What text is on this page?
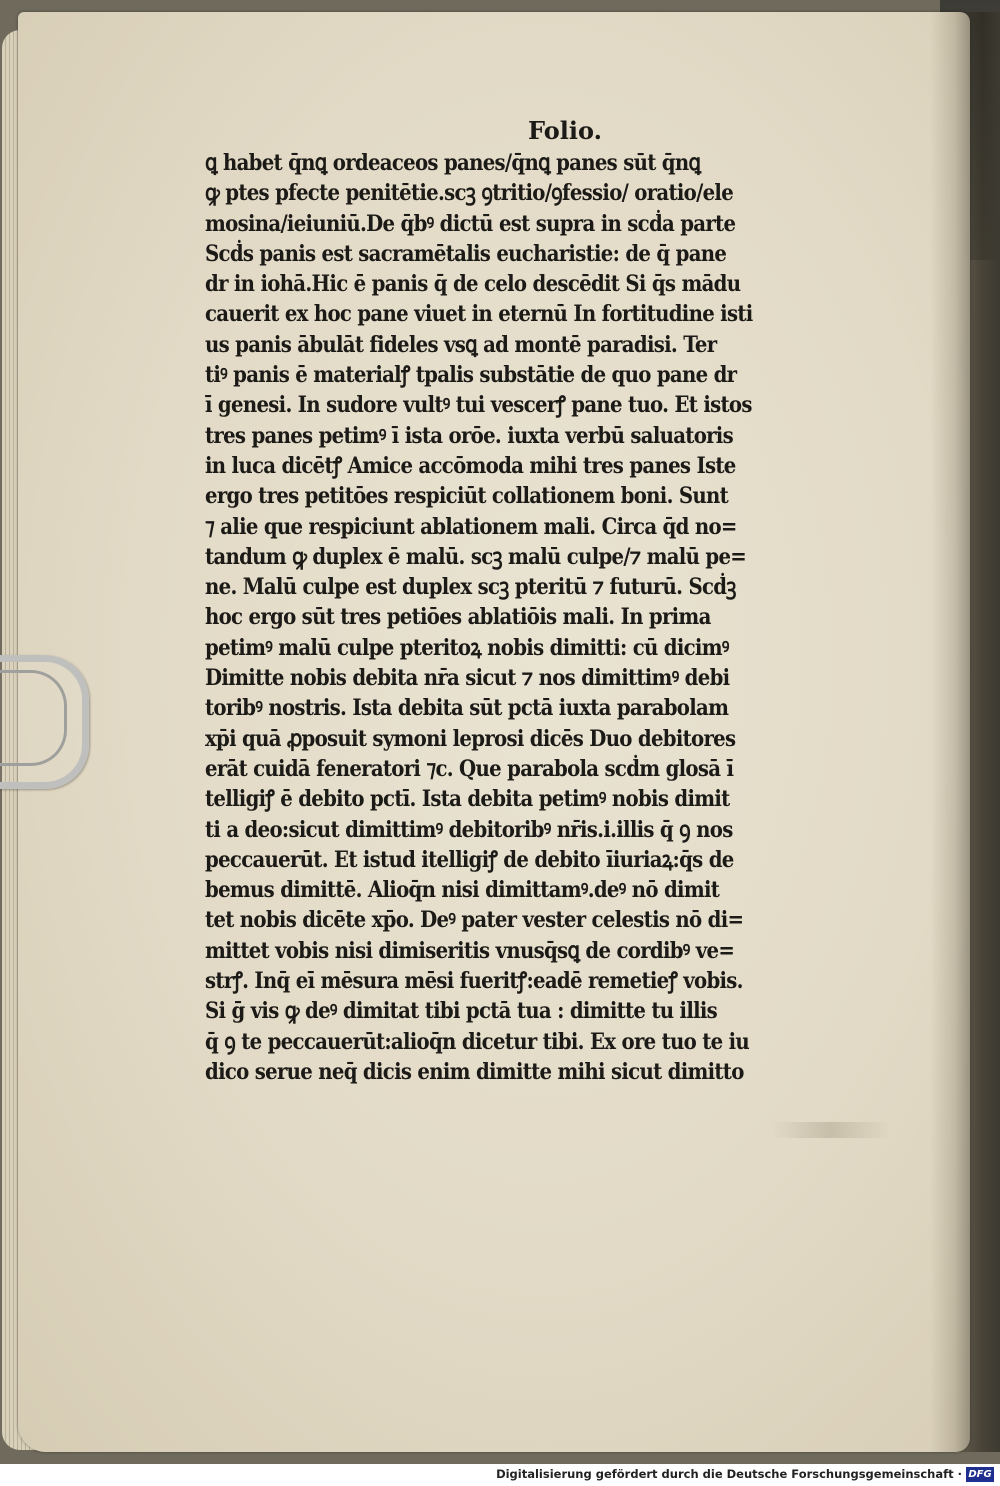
Folio.
ꝗ habet q̄nꝗ ordeaceos panes/q̄nꝗ panes sūt q̄nꝗ
ꝙ ptes pfecte penitētie.scꝫ ꝯtritio/ꝯfessio/ oratio/ele
mosina/ieiuniū.De q̄bꝰ dictū est supra in scḋa parte
Scḋs panis est sacramētalis eucharistie: de q̄ pane
dr in iohā.Hic ē panis q̄ de celo descēdit Si q̄s mādu
cauerit ex hoc pane viuet in eternū In fortitudine isti
us panis ābulāt fideles vsꝗ ad montē paradisi. Ter
tiꝰ panis ē materialꝭ tpalis substātie de quo pane dr
ī genesi. In sudore vultꝰ tui vescerꝭ pane tuo. Et istos
tres panes petimꝰ ī ista orōe. iuxta verbū saluatoris
in luca dicētꝭ Amice accōmoda mihi tres panes Iste
ergo tres petitōes respiciūt collationem boni. Sunt
⁊ alie que respiciunt ablationem mali. Circa q̄d no=
tandum ꝙ duplex ē malū. scꝫ malū culpe/⁊ malū pe=
ne. Malū culpe est duplex scꝫ pteritū ⁊ futurū. Scḋꝫ
hoc ergo sūt tres petiōes ablatiōis mali. In prima
petimꝰ malū culpe pteritoꝝ nobis dimitti: cū dicimꝰ
Dimitte nobis debita nr̄a sicut ⁊ nos dimittimꝰ debi
toribꝰ nostris. Ista debita sūt pctā iuxta parabolam
xp̄i quā ꝓposuit symoni leprosi dicēs Duo debitores
erāt cuidā feneratori ⁊c. Que parabola scḋm glosā ī
telligiꝭ ē debito pctī. Ista debita petimꝰ nobis dimit
ti a deo:sicut dimittimꝰ debitoribꝰ nr̄is.i.illis q̄ ꝯ nos
peccauerūt. Et istud itelligiꝭ de debito īiuriaꝝ:q̄s de
bemus dimittē. Alioq̄n nisi dimittamꝰ.deꝰ nō dimit
tet nobis dicēte xp̄o. Deꝰ pater vester celestis nō di=
mittet vobis nisi dimiseritis vnusq̄sꝗ de cordibꝰ ve=
strꝭ. Inq̄ eī mēsura mēsi fueritꝭ:eadē remetieꝭ vobis.
Si ḡ vis ꝙ deꝰ dimitat tibi pctā tua : dimitte tu illis
q̄ ꝯ te peccauerūt:alioq̄n dicetur tibi. Ex ore tuo te iu
dico serue neq̄ dicis enim dimitte mihi sicut dimitto
Digitalisierung gefördert durch die Deutsche Forschungsgemeinschaft · DFG
